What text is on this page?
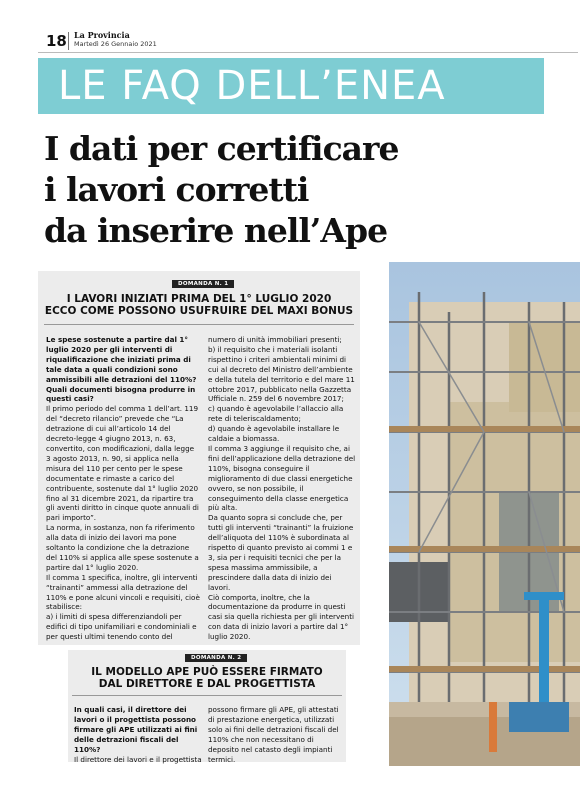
18 La Provincia
Martedì 26 Gennaio 2021
LE FAQ DELL’ENEA
I dati per certificare
i lavori corretti
da inserire nell’Ape
DOMANDA N. 1
I LAVORI INIZIATI PRIMA DEL 1° LUGLIO 2020
ECCO COME POSSONO USUFRUIRE DEL MAXI BONUS

Le spese sostenute a partire dal 1° luglio 2020 per gli interventi di riqualificazione che iniziati prima di tale data a quali condizioni sono ammissibili alle detrazioni del 110%? Quali documenti bisogna produrre in questi casi?

Il primo periodo del comma 1 dell’art. 119 del “decreto rilancio” prevede che “La detrazione di cui all’articolo 14 del decreto-legge 4 giugno 2013, n. 63, convertito, con modificazioni, dalla legge 3 agosto 2013, n. 90, si applica nella misura del 110 per cento per le spese documentate e rimaste a carico del contribuente, sostenute dal 1° luglio 2020 fino al 31 dicembre 2021, da ripartire tra gli aventi diritto in cinque quote annuali di pari importo”.

La norma, in sostanza, non fa riferimento alla data di inizio dei lavori ma pone soltanto la condizione che la detrazione del 110% si applica alle spese sostenute a partire dal 1° luglio 2020.

Il comma 1 specifica, inoltre, gli interventi “trainanti” ammessi alla detrazione del 110% e pone alcuni vincoli e requisiti, cioè stabilisce:

a) i limiti di spesa differenziandoli per edifici di tipo unifamiliari e condominiali e per questi ultimi tenendo conto del

numero di unità immobiliari presenti;

b) il requisito che i materiali isolanti rispettino i criteri ambientali minimi di cui al decreto del Ministro dell’ambiente e della tutela del territorio e del mare 11 ottobre 2017, pubblicato nella Gazzetta Ufficiale n. 259 del 6 novembre 2017;

c) quando è agevolabile l’allaccio alla rete di teleriscaldamento;

d) quando è agevolabile installare le caldaie a biomassa.

Il comma 3 aggiunge il requisito che, ai fini dell’applicazione della detrazione del 110%, bisogna conseguire il miglioramento di due classi energetiche ovvero, se non possibile, il conseguimento della classe energetica più alta.

Da quanto sopra si conclude che, per tutti gli interventi “trainanti” la fruizione dell’aliquota del 110% è subordinata al rispetto di quanto previsto ai commi 1 e 3, sia per i requisiti tecnici che per la spesa massima ammissibile, a prescindere dalla data di inizio dei lavori.

Ciò comporta, inoltre, che la documentazione da produrre in questi casi sia quella richiesta per gli interventi con data di inizio lavori a partire dal 1° luglio 2020.

DOMANDA N. 2
IL MODELLO APE PUÒ ESSERE FIRMATO
DAL DIRETTORE E DAL PROGETTISTA

In quali casi, il direttore dei lavori o il progettista possono firmare gli APE utilizzati ai fini delle detrazioni fiscali del 110%?

Il direttore dei lavori e il progettista

possono firmare gli APE, gli attestati di prestazione energetica, utilizzati solo ai fini delle detrazioni fiscali del 110% che non necessitano di deposito nel catasto degli impianti termici.
